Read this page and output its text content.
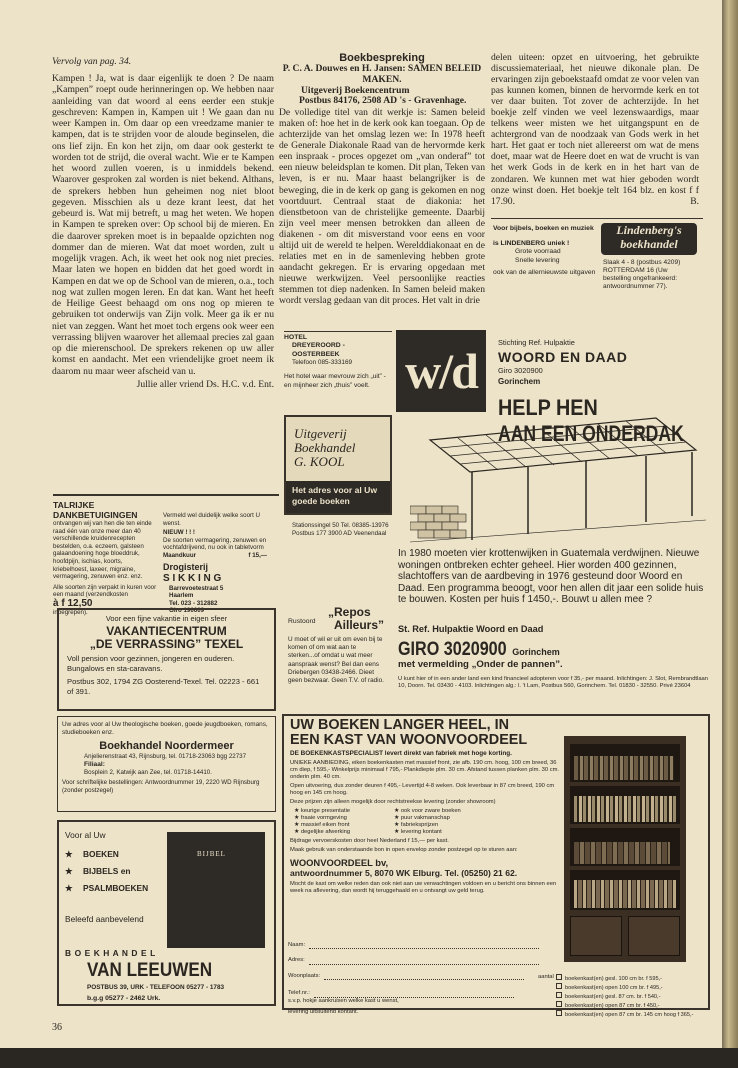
Vervolg van pag. 34.

Kampen ! Ja, wat is daar eigenlijk te doen ? De naam „Kampen” roept oude herinneringen op. We hebben naar aanleiding van dat woord al eens eerder een stukje geschreven: Kampen in, Kampen uit ! We gaan dan nu weer Kampen in. Om daar op een vreedzame manier te kampen, dat is te strijden voor de aloude beginselen, die ons lief zijn. En kon het zijn, om daar ook gesterkt te worden tot de strijd, die overal wacht. Wie er te Kampen het woord zullen voeren, is u inmiddels bekend. Waarover gesproken zal worden is niet bekend. Althans, de sprekers hebben hun geheimen nog niet bloot gegeven. Misschien als u deze krant leest, dat het gebeurd is. Wat mij betreft, u mag het weten. We hopen in Kampen te spreken over: Op school bij de mieren. En die daarover spreken moet is in bepaalde opzichten nog dommer dan de mieren. Wat dat moet worden, zult u mogelijk vragen. Ach, ik weet het ook nog niet precies. Maar laten we hopen en bidden dat het goed wordt in Kampen en dat we op de School van de mieren, o.a., toch nog wat zullen mogen leren. En dat kan. Want het heeft de Heilige Geest behaagd om ons nog op mieren te gebruiken tot onderwijs van Zijn volk. Meer ga ik er nu niet van zeggen. Want het moet toch ergens ook weer een verrassing blijven waarover het allemaal precies zal gaan op die mierenschool. De sprekers rekenen op uw aller komst en aandacht. Met een vriendelijke groet neem ik daarom nu maar weer afscheid van u.

Jullie aller vriend Ds. H.C. v.d. Ent.
Boekbespreking
P. C. A. Douwes en H. Jansen: SAMEN BELEID MAKEN.
Uitgeverij Boekencentrum
Postbus 84176, 2508 AD 's - Gravenhage.

De volledige titel van dit werkje is: Samen beleid maken of: hoe het in de kerk ook kan toegaan. Op de achterzijde van het omslag lezen we: In 1978 heeft de Generale Diakonale Raad van de hervormde kerk een inspraak - proces opgezet om „van onderaf” tot een nieuw beleidsplan te komen. Dit plan, Teken van leven, is er nu. Maar haast belangrijker is de beweging, die in de kerk op gang is gekomen en nog voortduurt. Centraal staat de diakonia: het dienstbetoon van de christelijke gemeente. Daarbij zijn veel meer mensen betrokken dan alleen de diakenen - om dit misverstand voor eens en voor altijd uit de wereld te helpen. Werelddiakonaat en de relaties met en in de samenleving hebben grote aandacht gekregen. Er is ervaring opgedaan met nieuwe werkwijzen. Veel persoonlijke reacties stemmen tot diep nadenken. In Samen beleid maken wordt verslag gedaan van dit proces. Het valt in drie

delen uiteen: opzet en uitvoering, het gebruikte discussiemateriaal, het nieuwe dikonale plan. De ervaringen zijn geboekstaafd omdat ze voor velen van pas kunnen komen, binnen de hervormde kerk en tot ver daar buiten. Tot zover de achterzijde. In het boekje zelf vinden we veel lezenswaardigs, maar telkens weer misten we het uitgangspunt en de achtergrond van de noodzaak van Gods werk in het hart. Het gaat er toch niet allereerst om wat de mens doet, maar wat de Heere doet en wat de vrucht is van het werk Gods in de kerk en in het hart van de zondaren. We kunnen met wat hier geboden wordt onze winst doen. Het boekje telt 164 blz. en kost f f 17.90.	B.
Voor bijbels, boeken en muziek
is LINDENBERG uniek !
Grote voorraad
Snelle levering
ook van de allernieuwste uitgaven
Lindenberg's
boekhandel
Slaak 4 - 8 (postbus 4209) ROTTERDAM 16 (Uw bestelling ongefrankeerd: antwoordnummer 77).
HOTEL
DREYEROORD - OOSTERBEEK
Telefoon 085-333169
Het hotel waar mevrouw zich „uit” - en mijnheer zich „thuis” voelt. w/d
Uitgeverij
Boekhandel
G. KOOL
Het adres voor al Uw goede boeken
Stationssingel 50 Tel. 08385-13976 Postbus 177 3900 AD Veenendaal
Stichting Ref. Hulpaktie
WOORD EN DAAD
Giro 3020900
Gorinchem
HELP HEN
AAN EEN ONDERDAK

In 1980 moeten vier krottenwijken in Guatemala verdwijnen. Nieuwe woningen ontbreken echter geheel. Hier worden 400 gezinnen, slachtoffers van de aardbeving in 1976 gesteund door Woord en Daad. Een programma beoogt, voor hen allen dit jaar een solide huis te bouwen. Kosten per huis f 1450,-. Bouwt u allen mee ?

St. Ref. Hulpaktie Woord en Daad
GIRO 3020900 Gorinchem
met vermelding „Onder de pannen”.
U kunt hier of in een ander land een kind financieel adopteren voor f 35,- per maand. Inlichtingen: J. Slot, Rembrandtlaan 10, Doorn. Tel. 03430 - 4103. Inlichtingen alg.: l. 't Lam, Postbus 560, Gorinchem. Tel. 01830 - 32550. Privé 23604
TALRIJKE
DANKBETUIGINGEN
ontvangen wij van hen die ten einde raad één van onze meer dan 40 verschillende kruidenrecepten bestelden, o.a. eczeem, galsteen galaandoening hoge bloeddruk, hoofdpijn, ischias, koorts, kriebelhoest, laxeer, migraine, vermagering, zenuwen enz. enz.
Alle soorten zijn verpakt in kuren voor een maand (verzendkosten
à f 12,50
inbegrepen).
Vermeld wel duidelijk welke soort U wenst.
NIEUW ! ! !
De soorten vermagering, zenuwen en vochtafdrijvend, nu ook in tabletvorm
Maandkuur	f 15,—
Drogisterij
S I K K I N G
Barrevoetestraat 5
Haarlem
Tel. 023 - 312882
Giro 190609
Voor een fijne vakantie in eigen sfeer
VAKANTIECENTRUM
„DE VERRASSING” TEXEL
Voll pension voor gezinnen, jongeren en ouderen. Bungalows en sta-caravans.
Postbus 302, 1794 ZG Oosterend-Texel. Tel. 02223 - 661 of 391.
Rustoord
„Repos
Ailleurs”
U moet of wil er uit om even bij te komen of om wat aan te sterken...of omdat u wat meer aanspraak wenst? Bel dan eens Driebergen 03438-2466. Dieet geen bezwaar. Geen T.V. of radio.
Uw adres voor al Uw theologische boeken, goede jeugdboeken, romans, studieboeken enz.
Boekhandel Noordermeer
Anjelierenstraat 43, Rijnsburg, tel. 01718-23063 bgg 22737
Filiaal:
Bosplein 2, Katwijk aan Zee, tel. 01718-14410.
Voor schriftelijke bestellingen: Antwoordnummer 19, 2220 WD Rijnsburg (zonder postzegel)
Voor al Uw
★ BOEKEN
★ BIJBELS en
★ PSALMBOEKEN
BIJBEL
Beleefd aanbevelend
B O E K H A N D E L
VAN LEEUWEN
POSTBUS 39, URK - TELEFOON 05277 - 1783
b.g.g 05277 - 2462 Urk.
UW BOEKEN LANGER HEEL, IN
EEN KAST VAN WOONVOORDEEL
DE BOEKENKASTSPECIALIST levert direkt van fabriek met hoge korting.
UNIEKE AANBIEDING, eiken boekenkasten met massief front, zie afb. 190 cm. hoog, 100 cm breed, 36 cm diep, f 595,- Winkelprijs minimaal f 795,- Plankdiepte plm. 30 cm. Afstand tussen planken plm. 30 cm. onderin plm. 40 cm.
Open uitvoering, dus zonder deuren f 495,- Levertijd 4-8 weken. Ook leverbaar in 87 cm breed, 190 cm hoog en 145 cm hoog.
Deze prijzen zijn alleen mogelijk door rechtstreekse levering (zonder showroom)
★ keurige presentatie
★ fraaie vormgeving
★ massief eiken front
★ degelijke afwerking
★ ook voor zware boeken
★ puur vakmanschap
★ fabrieksprijzen
★ levering kontant
Bijdrage vervoerskosten door heel Nederland f 15,— per kast.
Maak gebruik van onderstaande bon in open envelop zonder postzegel op te sturen aan:
WOONVOORDEEL bv,
antwoordnummer 5, 8070 WK Elburg. Tel. (05250) 21 62.
Mocht de kast om welke reden dan ook niet aan uw verwachtingen voldoen en u bericht ons binnen een week na aflevering, dan wordt hij teruggehaald en u ontvangt uw geld terug.
Naam:
Adres:
Woonplaats:
Telef.nr.:
s.v.p. hokje aankruisen welke kast u wenst,
levering uitsluitend kontant.
aantal	boekenkast(en) gesl. 100 cm br. f 595,-
boekenkast(en) open 100 cm br. f 495,-
boekenkast(en) gesl. 87 cm. br. f 540,-
boekenkast(en) open 87 cm br. f 450,-
boekenkast(en) open 87 cm br. 145 cm hoog f 365,-
36
